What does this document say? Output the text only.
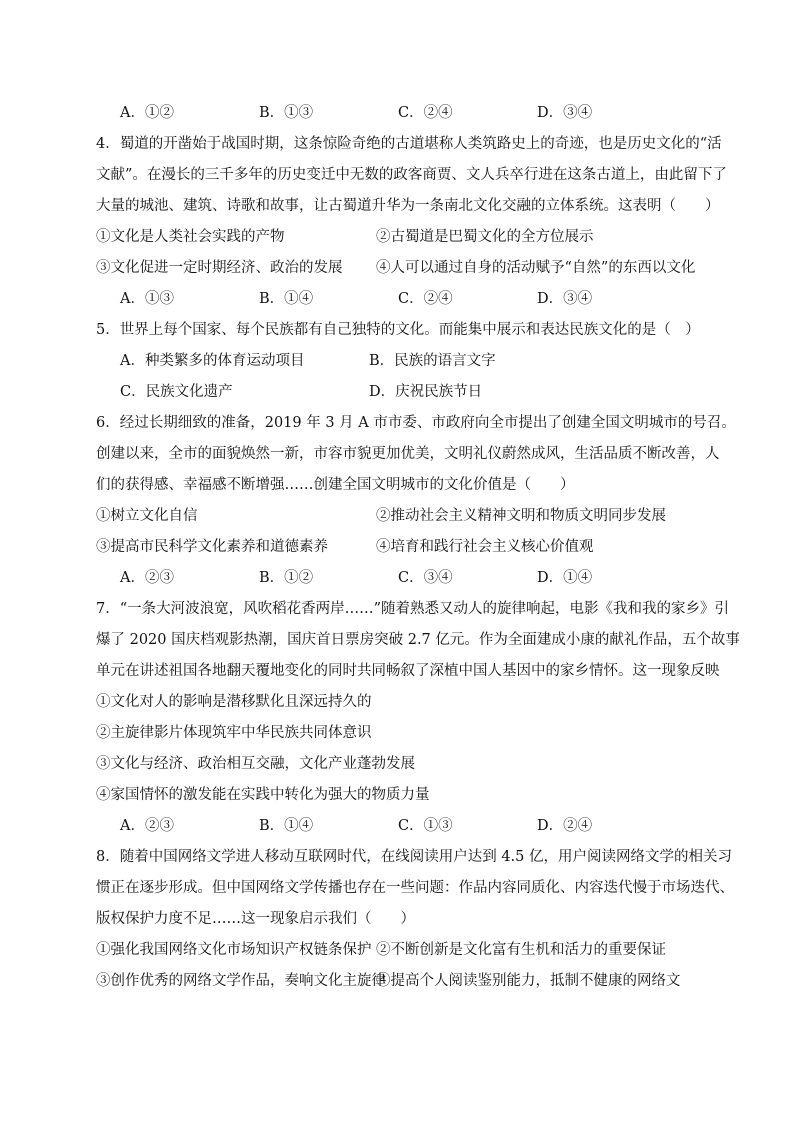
A．①②	B．①③	C．②④	D．③④
4．蜀道的开凿始于战国时期，这条惊险奇绝的古道堪称人类筑路史上的奇迹，也是历史文化的“活
文献”。在漫长的三千多年的历史变迁中无数的政客商贾、文人兵卒行进在这条古道上，由此留下了
大量的城池、建筑、诗歌和故事，让古蜀道升华为一条南北文化交融的立体系统。这表明（　　）
①文化是人类社会实践的产物	②古蜀道是巴蜀文化的全方位展示
③文化促进一定时期经济、政治的发展	④人可以通过自身的活动赋予“自然”的东西以文化
A．①③	B．①④	C．②④	D．③④
5．世界上每个国家、每个民族都有自己独特的文化。而能集中展示和表达民族文化的是（　）
A．种类繁多的体育运动项目	B．民族的语言文字
C．民族文化遗产	D．庆祝民族节日
6．经过长期细致的准备，2019 年 3 月 A 市市委、市政府向全市提出了创建全国文明城市的号召。
创建以来，全市的面貌焕然一新，市容市貌更加优美，文明礼仪蔚然成风，生活品质不断改善，人
们的获得感、幸福感不断增强……创建全国文明城市的文化价值是（　　）
①树立文化自信	②推动社会主义精神文明和物质文明同步发展
③提高市民科学文化素养和道德素养	④培育和践行社会主义核心价值观
A．②③	B．①②	C．③④	D．①④
7．“一条大河波浪宽，风吹稻花香两岸……”随着熟悉又动人的旋律响起，电影《我和我的家乡》引
爆了 2020 国庆档观影热潮，国庆首日票房突破 2.7 亿元。作为全面建成小康的献礼作品，五个故事
单元在讲述祖国各地翻天覆地变化的同时共同畅叙了深植中国人基因中的家乡情怀。这一现象反映
①文化对人的影响是潜移默化且深远持久的
②主旋律影片体现筑牢中华民族共同体意识
③文化与经济、政治相互交融，文化产业蓬勃发展
④家国情怀的激发能在实践中转化为强大的物质力量
A．②③	B．①④	C．①③	D．②④
8．随着中国网络文学进人移动互联网时代，在线阅读用户达到 4.5 亿，用户阅读网络文学的相关习
惯正在逐步形成。但中国网络文学传播也存在一些问题：作品内容同质化、内容迭代慢于市场迭代、
版权保护力度不足……这一现象启示我们（　　）
①强化我国网络文化市场知识产权链条保护 ②不断创新是文化富有生机和活力的重要保证
③创作优秀的网络文学作品，奏响文化主旋律
④提高个人阅读鉴别能力，抵制不健康的网络文
